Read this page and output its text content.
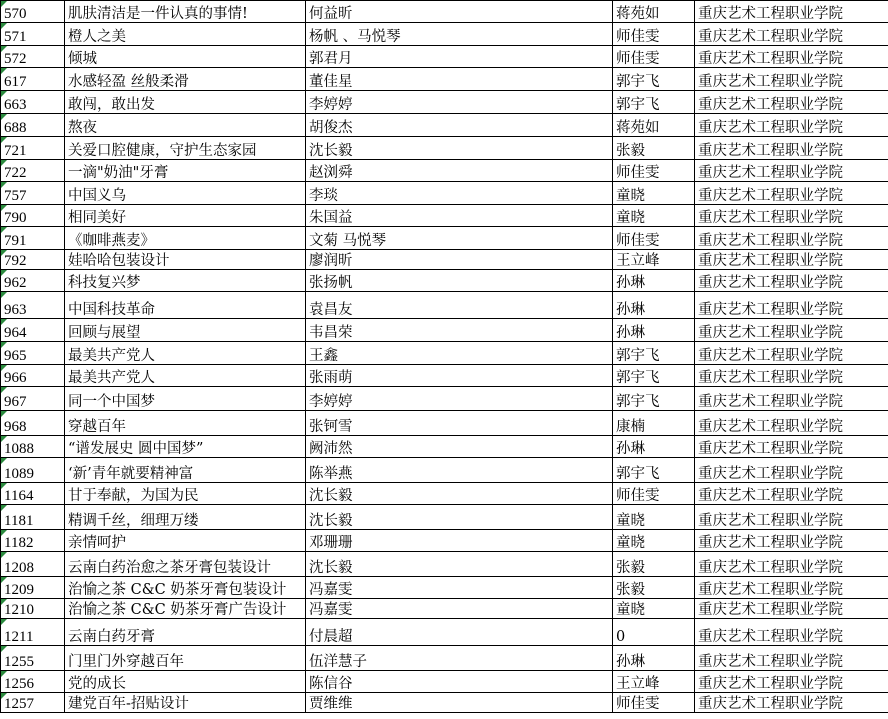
570	肌肤清洁是一件认真的事情!	何益昕	蒋苑如	重庆艺术工程职业学院
571	橙人之美	杨帆 、马悦琴	师佳雯	重庆艺术工程职业学院
572	倾城	郭君月	师佳雯	重庆艺术工程职业学院
617	水感轻盈 丝般柔滑	董佳星	郭宇飞	重庆艺术工程职业学院
663	敢闯，敢出发	李婷婷	郭宇飞	重庆艺术工程职业学院
688	熬夜	胡俊杰	蒋苑如	重庆艺术工程职业学院
721	关爱口腔健康，守护生态家园	沈长毅	张毅	重庆艺术工程职业学院
722	一滴"奶油"牙膏	赵浏舜	师佳雯	重庆艺术工程职业学院
757	中国义乌	李琰	童晓	重庆艺术工程职业学院
790	相同美好	朱国益	童晓	重庆艺术工程职业学院
791	《咖啡燕麦》	文菊 马悦琴	师佳雯	重庆艺术工程职业学院
792	娃哈哈包装设计	廖润昕	王立峰	重庆艺术工程职业学院
962	科技复兴梦	张扬帆	孙琳	重庆艺术工程职业学院
963	中国科技革命	袁昌友	孙琳	重庆艺术工程职业学院
964	回顾与展望	韦昌荣	孙琳	重庆艺术工程职业学院
965	最美共产党人	王鑫	郭宇飞	重庆艺术工程职业学院
966	最美共产党人	张雨萌	郭宇飞	重庆艺术工程职业学院
967	同一个中国梦	李婷婷	郭宇飞	重庆艺术工程职业学院
968	穿越百年	张钶雪	康楠	重庆艺术工程职业学院
1088	“谱发展史 圆中国梦”	阙沛然	孙琳	重庆艺术工程职业学院
1089	‘新’青年就要精神富	陈举燕	郭宇飞	重庆艺术工程职业学院
1164	甘于奉献，为国为民	沈长毅	师佳雯	重庆艺术工程职业学院
1181	精调千丝，细理万缕	沈长毅	童晓	重庆艺术工程职业学院
1182	亲情呵护	邓珊珊	童晓	重庆艺术工程职业学院
1208	云南白药治愈之茶牙膏包装设计	沈长毅	张毅	重庆艺术工程职业学院
1209	治愉之茶 C&C 奶茶牙膏包装设计	冯嘉雯	张毅	重庆艺术工程职业学院
1210	治愉之茶 C&C 奶茶牙膏广告设计	冯嘉雯	童晓	重庆艺术工程职业学院
1211	云南白药牙膏	付晨超	0	重庆艺术工程职业学院
1255	门里门外穿越百年	伍洋慧子	孙琳	重庆艺术工程职业学院
1256	党的成长	陈信谷	王立峰	重庆艺术工程职业学院
1257	建党百年-招贴设计	贾维维	师佳雯	重庆艺术工程职业学院
